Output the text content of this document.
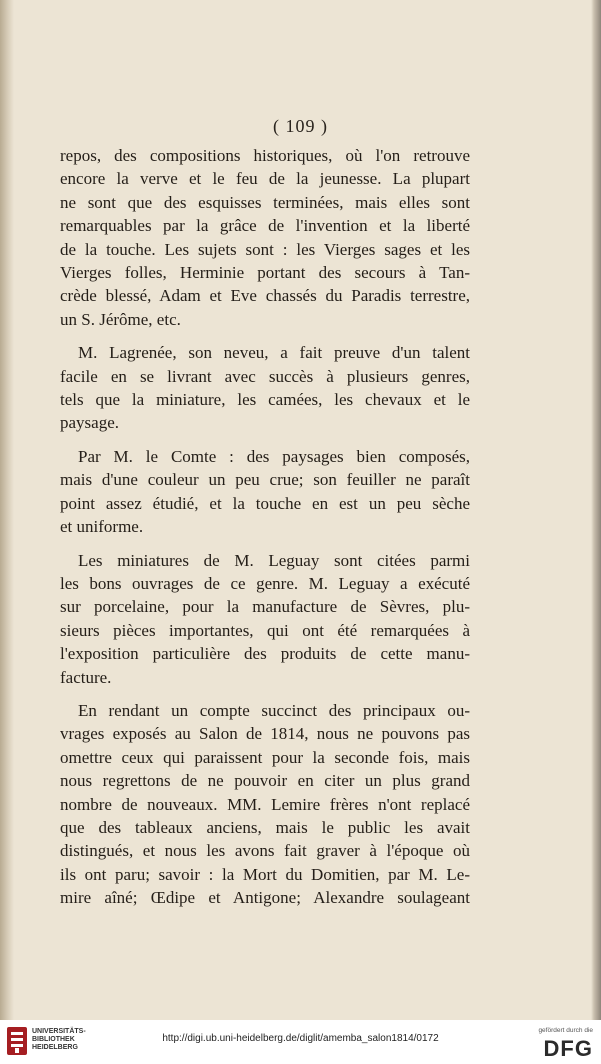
( 109 )

repos, des compositions historiques, où l'on retrouve
encore la verve et le feu de la jeunesse. La plupart
ne sont que des esquisses terminées, mais elles sont
remarquables par la grâce de l'invention et la liberté
de la touche. Les sujets sont : les Vierges sages et les
Vierges folles, Herminie portant des secours à Tan-
crède blessé, Adam et Eve chassés du Paradis terrestre,
un S. Jérôme, etc.
M. Lagrenée, son neveu, a fait preuve d'un talent
facile en se livrant avec succès à plusieurs genres,
tels que la miniature, les camées, les chevaux et le
paysage.
Par M. le Comte : des paysages bien composés,
mais d'une couleur un peu crue; son feuiller ne paraît
point assez étudié, et la touche en est un peu sèche
et uniforme.
Les miniatures de M. Leguay sont citées parmi
les bons ouvrages de ce genre. M. Leguay a exécuté
sur porcelaine, pour la manufacture de Sèvres, plu-
sieurs pièces importantes, qui ont été remarquées à
l'exposition particulière des produits de cette manu-
facture.
En rendant un compte succinct des principaux ou-
vrages exposés au Salon de 1814, nous ne pouvons pas
omettre ceux qui paraissent pour la seconde fois, mais
nous regrettons de ne pouvoir en citer un plus grand
nombre de nouveaux. MM. Lemire frères n'ont replacé
que des tableaux anciens, mais le public les avait
distingués, et nous les avons fait graver à l'époque où
ils ont paru; savoir : la Mort du Domitien, par M. Le-
mire aîné; Œdipe et Antigone; Alexandre soulageant
UNIVERSITÄTS-
BIBLIOTHEK
HEIDELBERG

http://digi.ub.uni-heidelberg.de/diglit/amemba_salon1814/0172

gefördert durch die

DFG
